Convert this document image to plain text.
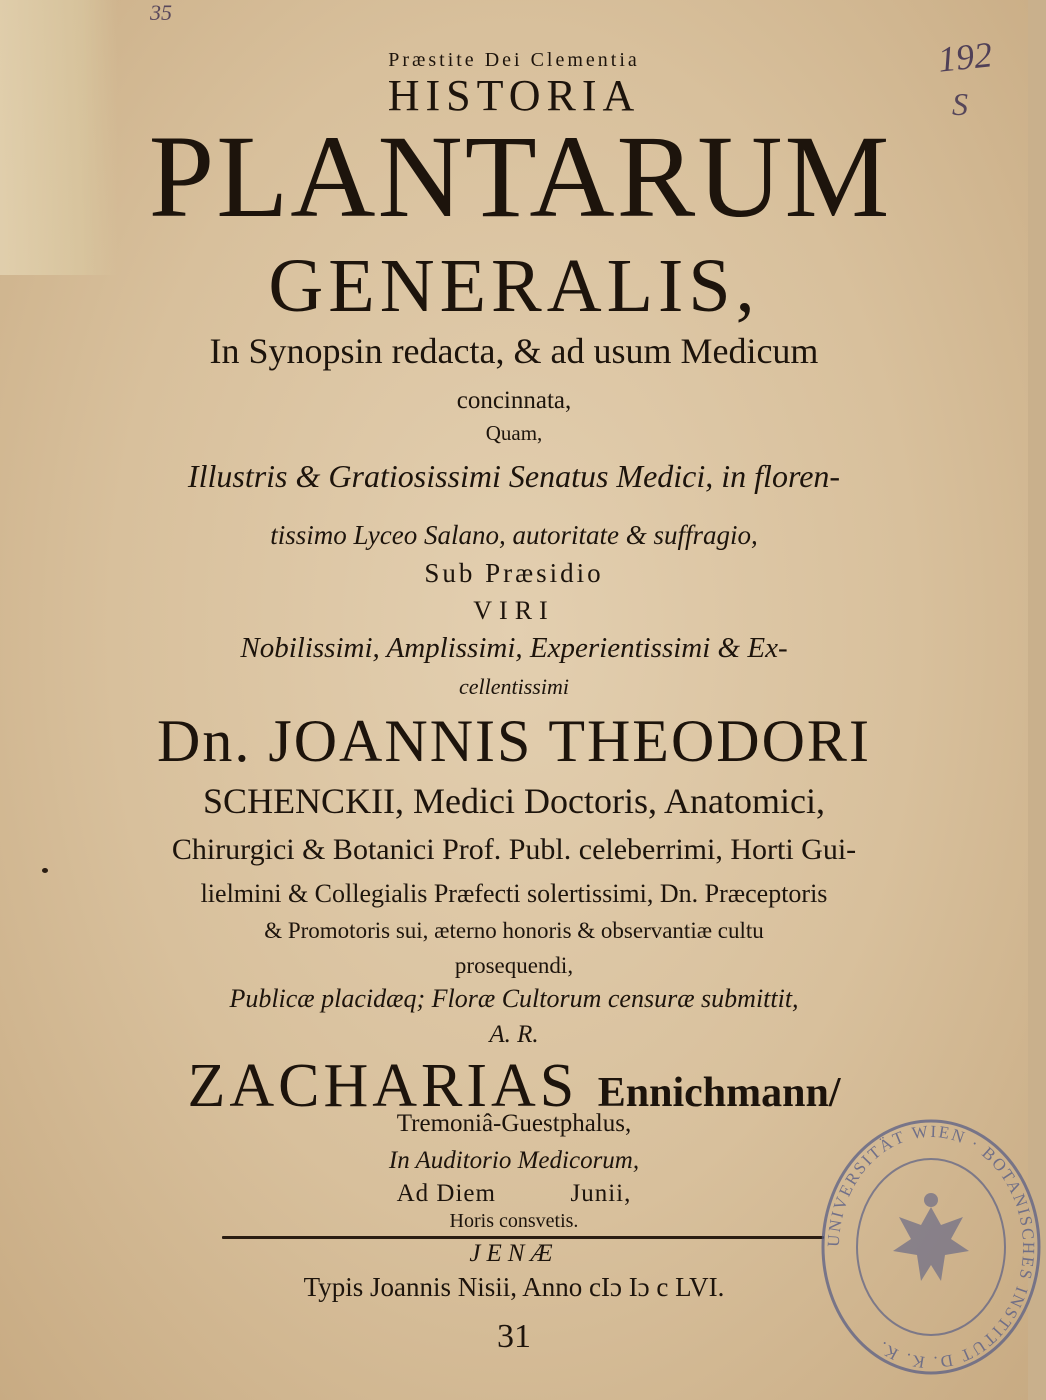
35
192
S
Præstite Dei Clementia
HISTORIA
PLANTARUM
GENERALIS,
In Synopsin redacta, & ad usum Medicum
concinnata,
Quam,
Illustris & Gratiosissimi Senatus Medici, in floren-
tissimo Lyceo Salano, autoritate & suffragio,
Sub Præsidio
VIRI
Nobilissimi, Amplissimi, Experientissimi & Ex-
cellentissimi
Dn. JOANNIS THEODORI
SCHENCKII, Medici Doctoris, Anatomici,
Chirurgici & Botanici Prof. Publ. celeberrimi, Horti Gui-
lielmini & Collegialis Præfecti solertissimi, Dn. Præceptoris
& Promotoris sui, æterno honoris & observantiæ cultu
prosequendi,
Publicæ placidæq; Floræ Cultorum censuræ submittit,
A. R.
ZACHARIAS Ennichmann/
Tremoniâ-Guestphalus,
In Auditorio Medicorum,
Ad Diem	Junii,
Horis consvetis.
JENÆ
Typis Joannis Nisii, Anno cIɔ Iɔ c LVI.
31
UNIVERSITÄT WIEN · BOTANISCHES INSTITUT D. K. K.
